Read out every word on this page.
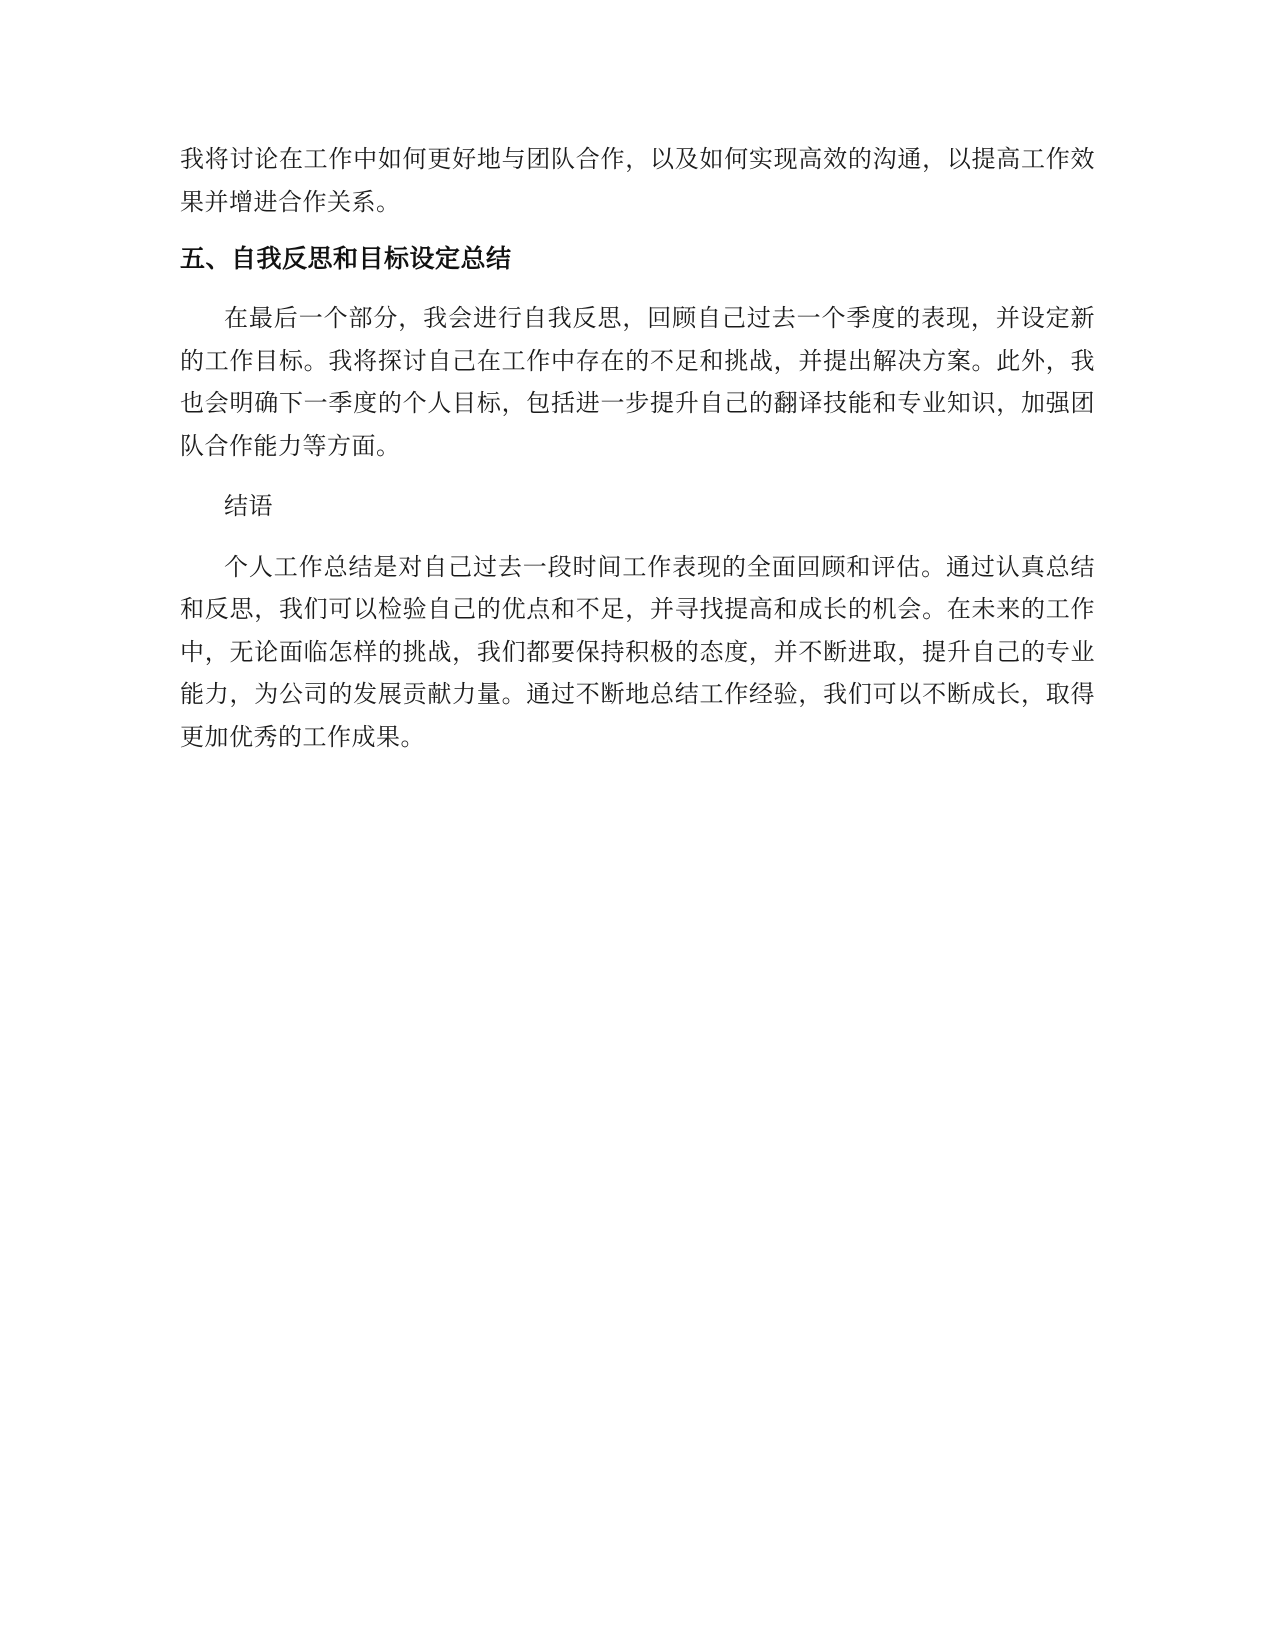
我将讨论在工作中如何更好地与团队合作，以及如何实现高效的沟通，以提高工作效果并增进合作关系。

五、自我反思和目标设定总结

在最后一个部分，我会进行自我反思，回顾自己过去一个季度的表现，并设定新的工作目标。我将探讨自己在工作中存在的不足和挑战，并提出解决方案。此外，我也会明确下一季度的个人目标，包括进一步提升自己的翻译技能和专业知识，加强团队合作能力等方面。

结语

个人工作总结是对自己过去一段时间工作表现的全面回顾和评估。通过认真总结和反思，我们可以检验自己的优点和不足，并寻找提高和成长的机会。在未来的工作中，无论面临怎样的挑战，我们都要保持积极的态度，并不断进取，提升自己的专业能力，为公司的发展贡献力量。通过不断地总结工作经验，我们可以不断成长，取得更加优秀的工作成果。
